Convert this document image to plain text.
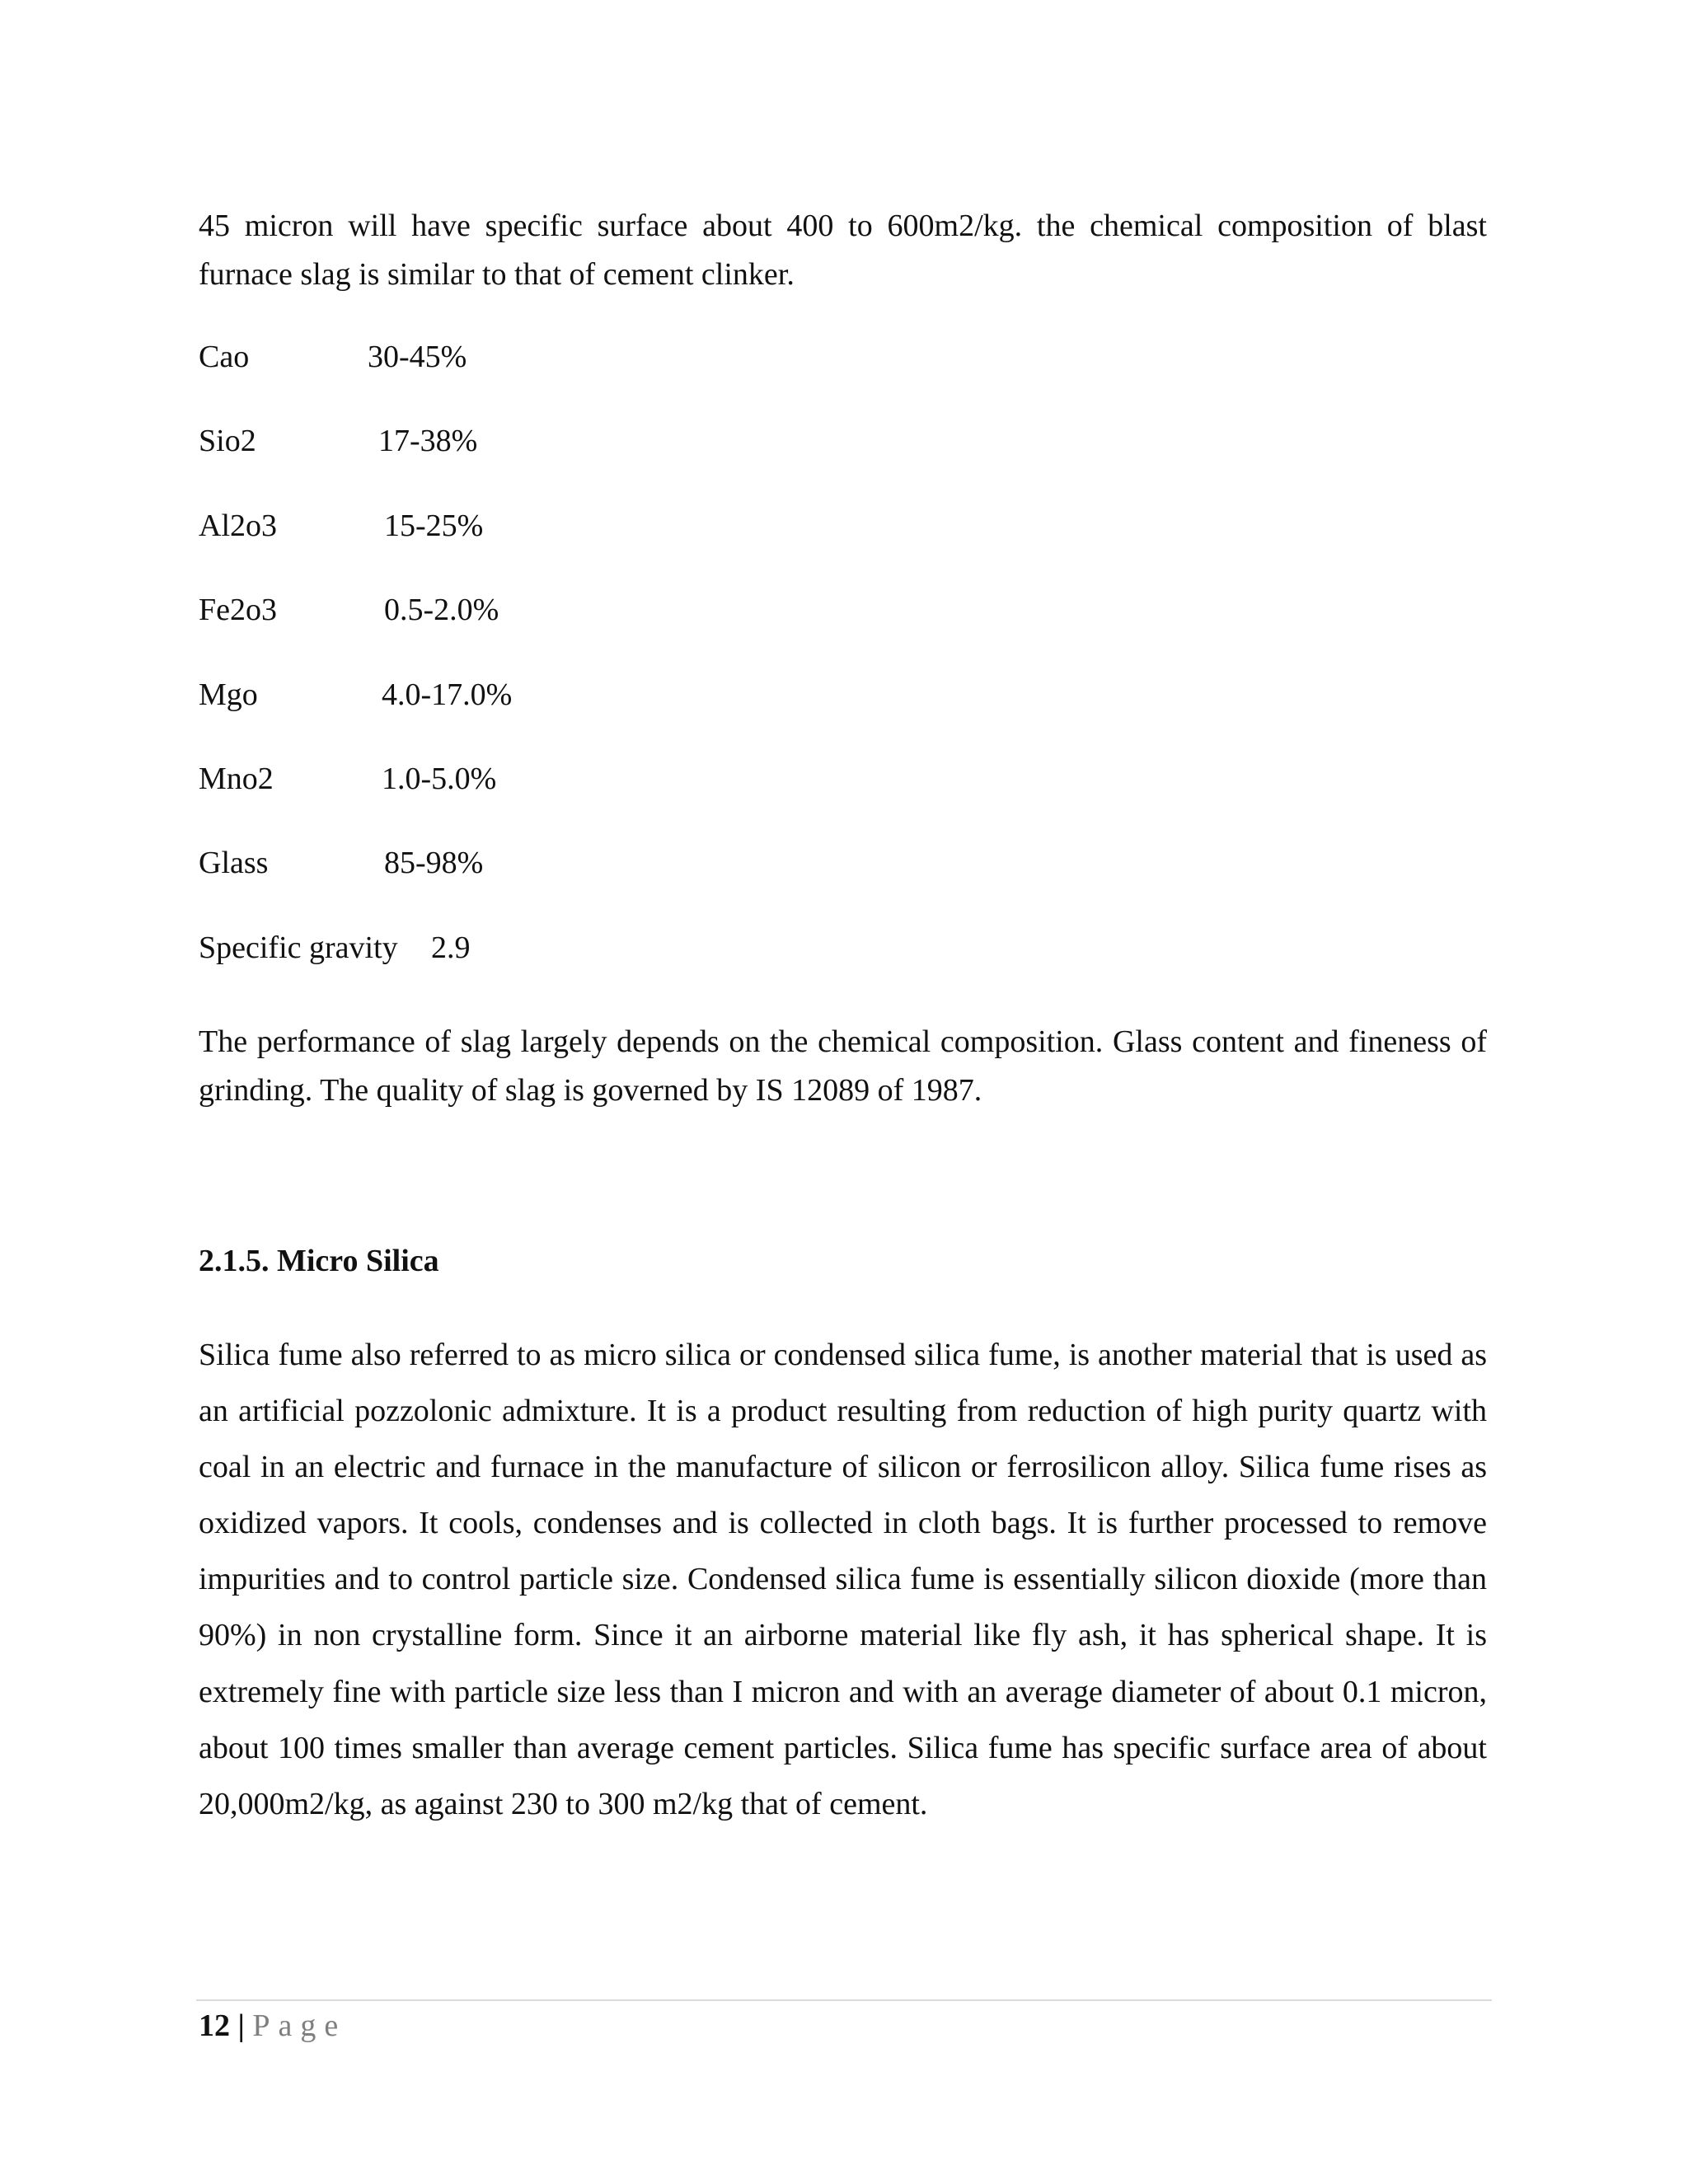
45 micron will have specific surface about 400 to 600m2/kg. the chemical composition of blast furnace slag is similar to that of cement clinker.

Cao	30-45%
Sio2	17-38%
Al2o3	15-25%
Fe2o3	0.5-2.0%
Mgo	4.0-17.0%
Mno2	1.0-5.0%
Glass	85-98%
Specific gravity 2.9

The performance of slag largely depends on the chemical composition. Glass content and fineness of grinding. The quality of slag is governed by IS 12089 of 1987.

2.1.5. Micro Silica

Silica fume also referred to as micro silica or condensed silica fume, is another material that is used as an artificial pozzolonic admixture. It is a product resulting from reduction of high purity quartz with coal in an electric and furnace in the manufacture of silicon or ferrosilicon alloy. Silica fume rises as oxidized vapors. It cools, condenses and is collected in cloth bags. It is further processed to remove impurities and to control particle size. Condensed silica fume is essentially silicon dioxide (more than 90%) in non crystalline form. Since it an airborne material like fly ash, it has spherical shape. It is extremely fine with particle size less than I micron and with an average diameter of about 0.1 micron, about 100 times smaller than average cement particles. Silica fume has specific surface area of about 20,000m2/kg, as against 230 to 300 m2/kg that of cement.

12 | Page
